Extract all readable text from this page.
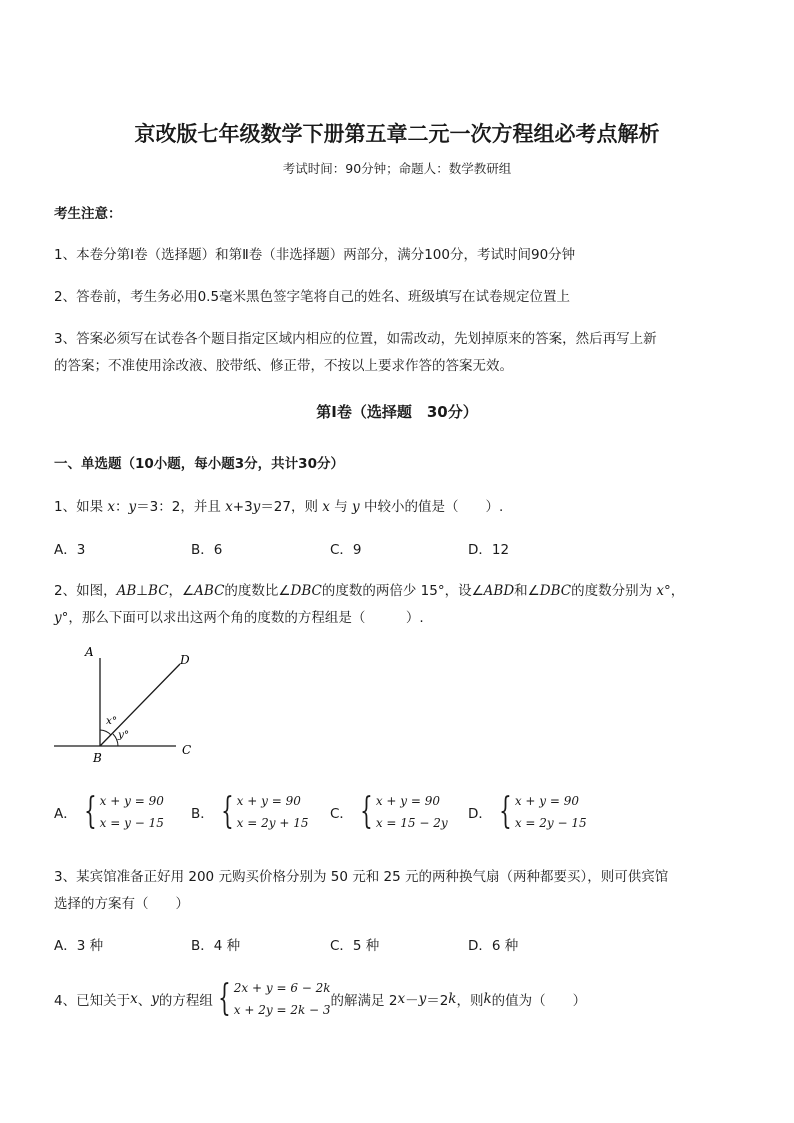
京改版七年级数学下册第五章二元一次方程组必考点解析
考试时间：90分钟；命题人：数学教研组
考生注意：
1、本卷分第Ⅰ卷（选择题）和第Ⅱ卷（非选择题）两部分，满分100分，考试时间90分钟
2、答卷前，考生务必用0.5毫米黑色签字笔将自己的姓名、班级填写在试卷规定位置上
3、答案必须写在试卷各个题目指定区域内相应的位置，如需改动，先划掉原来的答案，然后再写上新
的答案；不准使用涂改液、胶带纸、修正带，不按以上要求作答的答案无效。
第Ⅰ卷（选择题　30分）
一、单选题（10小题，每小题3分，共计30分）
1、如果 x：y＝3：2，并且 x+3y＝27，则 x 与 y 中较小的值是（　　）.
A．3	B．6	C．9	D．12
2、如图，AB⊥BC，∠ABC的度数比∠DBC的度数的两倍少 15°，设∠ABD和∠DBC的度数分别为 x°，
y°，那么下面可以求出这两个角的度数的方程组是（　　　）.
A
B
C
D
x°
y°
A． { x + y = 90
x = y − 15
B． { x + y = 90
x = 2y + 15
C． { x + y = 90
x = 15 − 2y
D． { x + y = 90
x = 2y − 15
3、某宾馆准备正好用 200 元购买价格分别为 50 元和 25 元的两种换气扇（两种都要买），则可供宾馆
选择的方案有（　　）
A．3 种	B．4 种	C．5 种	D．6 种
4、已知关于 x 、 y 的方程组 { 2x + y = 6 − 2k
x + 2y = 2k − 3
的解满足 2 x － y ＝2 k ，则 k 的值为（　　）
